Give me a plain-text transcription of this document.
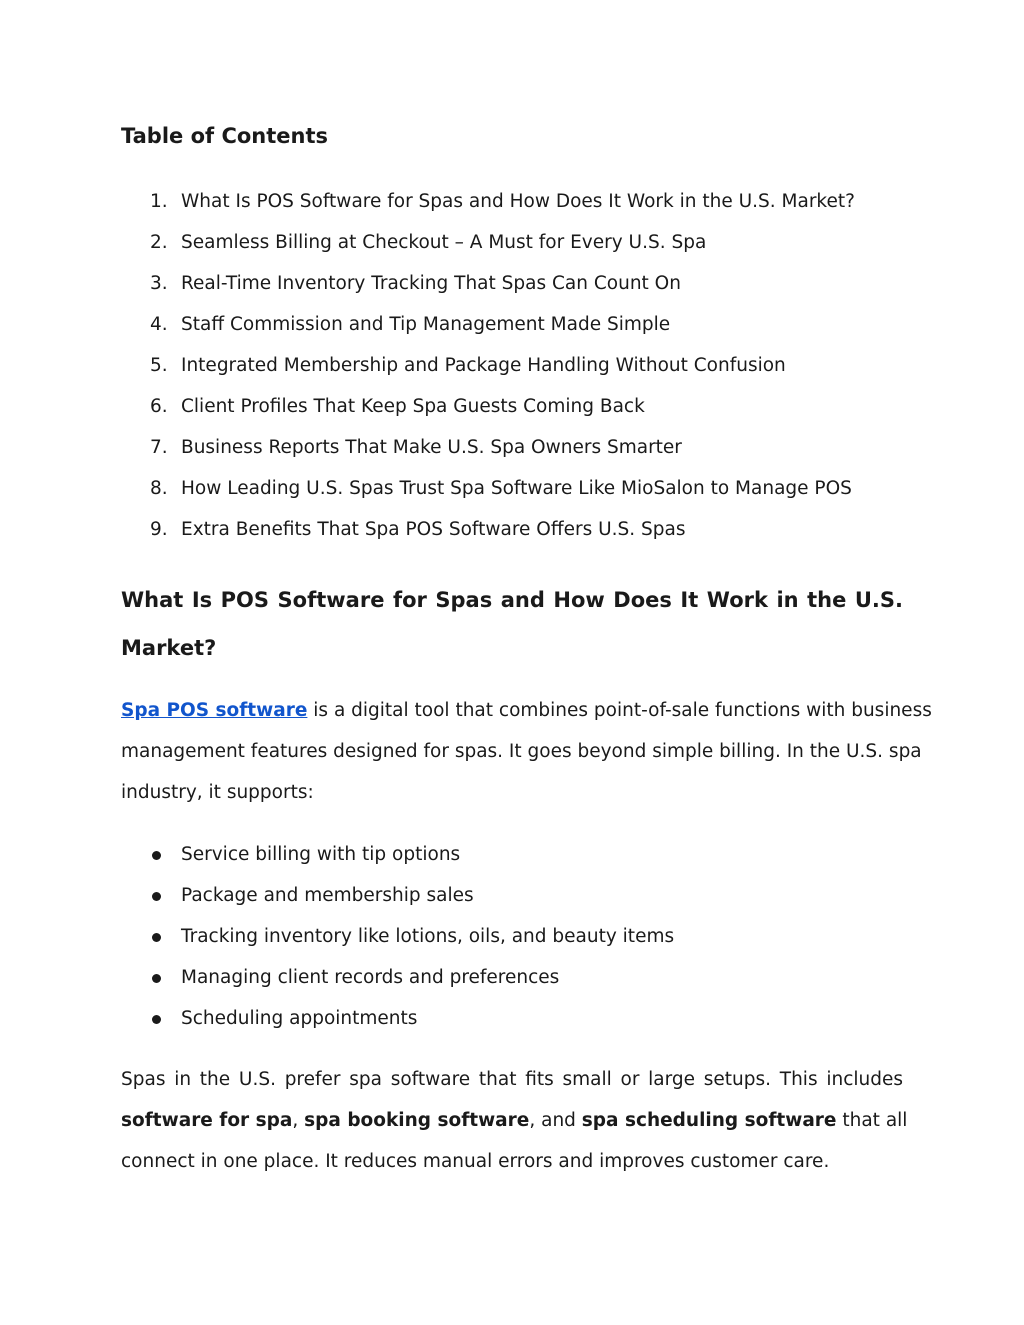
Table of Contents
1. What Is POS Software for Spas and How Does It Work in the U.S. Market?
2. Seamless Billing at Checkout – A Must for Every U.S. Spa
3. Real-Time Inventory Tracking That Spas Can Count On
4. Staff Commission and Tip Management Made Simple
5. Integrated Membership and Package Handling Without Confusion
6. Client Profiles That Keep Spa Guests Coming Back
7. Business Reports That Make U.S. Spa Owners Smarter
8. How Leading U.S. Spas Trust Spa Software Like MioSalon to Manage POS
9. Extra Benefits That Spa POS Software Offers U.S. Spas
What Is POS Software for Spas and How Does It Work in the U.S.
Market?

Spa POS software is a digital tool that combines point-of-sale functions with business
management features designed for spas. It goes beyond simple billing. In the U.S. spa
industry, it supports:

Service billing with tip options
Package and membership sales
Tracking inventory like lotions, oils, and beauty items
Managing client records and preferences
Scheduling appointments

Spas in the U.S. prefer spa software that fits small or large setups. This includes
software for spa, spa booking software, and spa scheduling software that all
connect in one place. It reduces manual errors and improves customer care.
